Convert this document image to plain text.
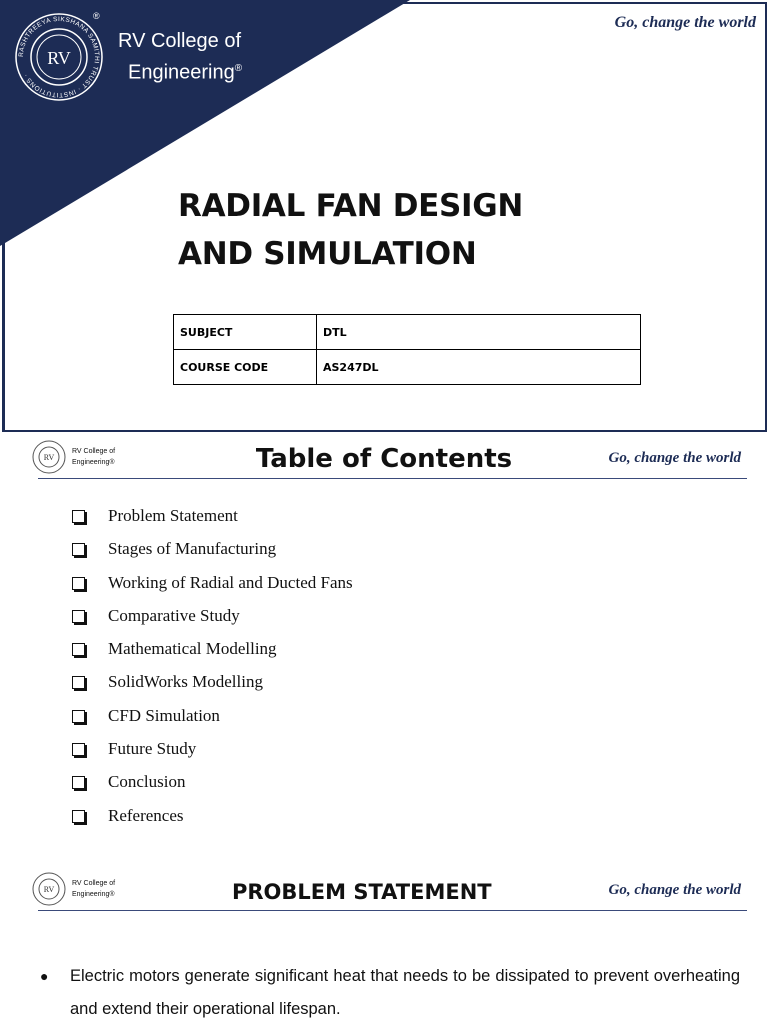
RASHTREEYA SIKSHANA SAMITHI TRUST · INSTITUTIONS ·
RV
RV College of
Engineering®
®	Go, change the world
RADIAL FAN DESIGN
AND SIMULATION
SUBJECT	DTL
COURSE CODE	AS247DL
RV
RV College of
Engineering®	Table of Contents	Go, change the world
Problem Statement
Stages of Manufacturing
Working of Radial and Ducted Fans
Comparative Study
Mathematical Modelling
SolidWorks Modelling
CFD Simulation
Future Study
Conclusion
References
RV
RV College of
Engineering®	PROBLEM STATEMENT	Go, change the world
●	Electric motors generate significant heat that needs to be dissipated to prevent overheating and extend their operational lifespan.
